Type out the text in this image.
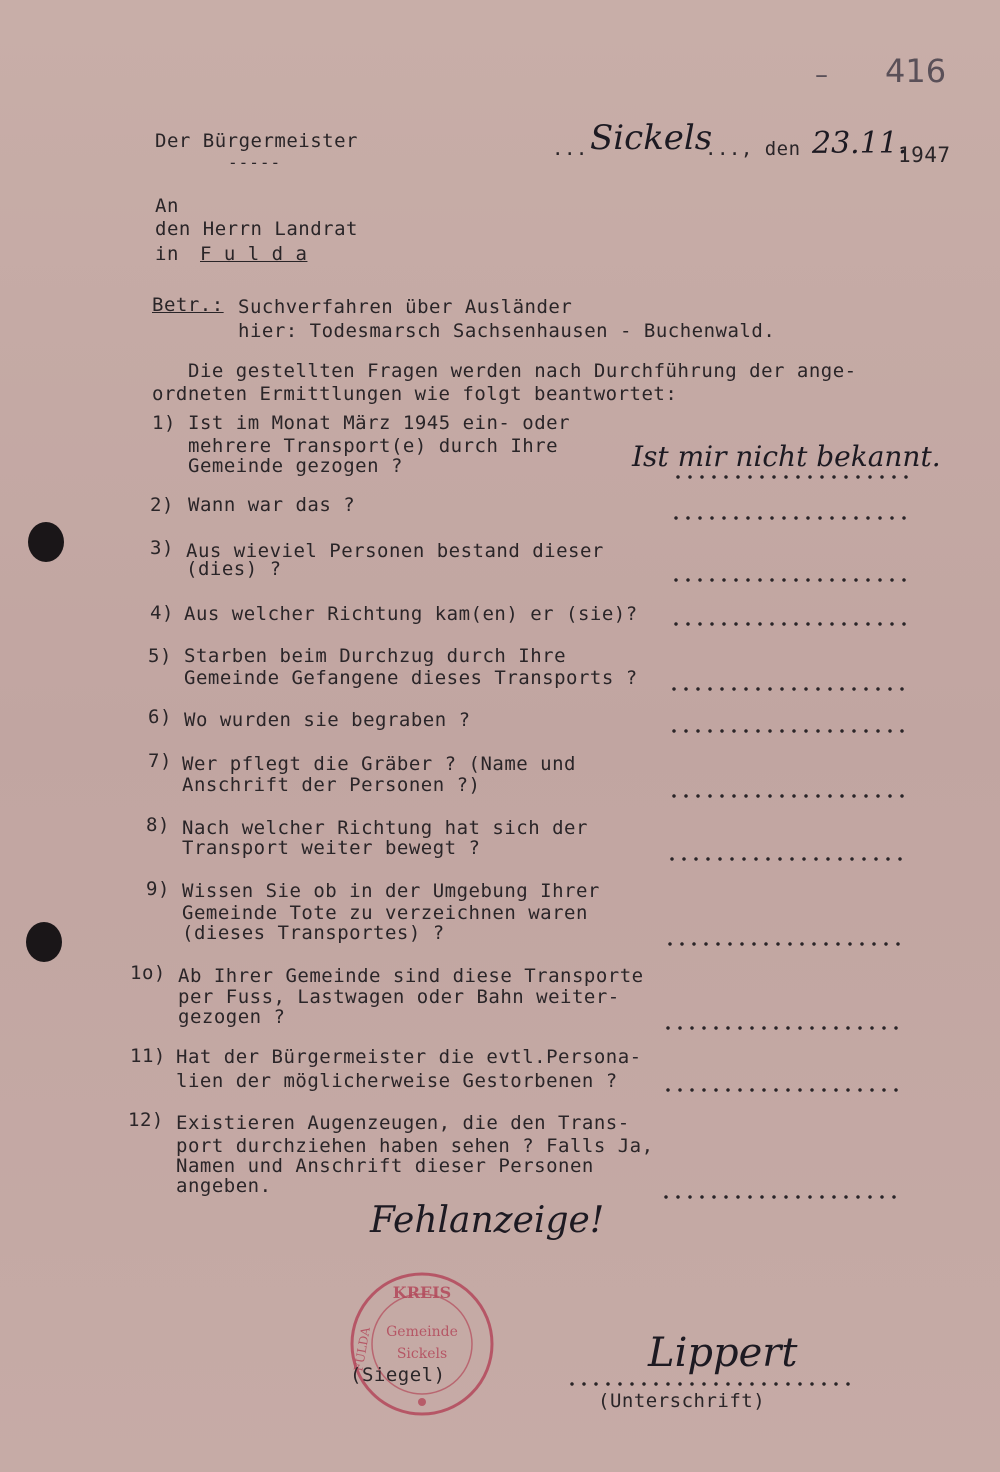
– 416
Der Bürgermeister
-----
... Sickels
..., den 23.11.
1947
An
den Herrn Landrat
in F u l d a
Betr.: Suchverfahren über Ausländer
hier: Todesmarsch Sachsenhausen - Buchenwald.
Die gestellten Fragen werden nach Durchführung der ange-
ordneten Ermittlungen wie folgt beantwortet:
1) Ist im Monat März 1945 ein- oder
mehrere Transport(e) durch Ihre
Gemeinde gezogen ?	Ist mir nicht bekannt.
2) Wann war das ?
3) Aus wieviel Personen bestand dieser
(dies) ?
4) Aus welcher Richtung kam(en) er (sie)?
5) Starben beim Durchzug durch Ihre
Gemeinde Gefangene dieses Transports ?
6) Wo wurden sie begraben ?
7) Wer pflegt die Gräber ? (Name und
Anschrift der Personen ?)
8) Nach welcher Richtung hat sich der
Transport weiter bewegt ?
9) Wissen Sie ob in der Umgebung Ihrer
Gemeinde Tote zu verzeichnen waren
(dieses Transportes) ?
1o) Ab Ihrer Gemeinde sind diese Transporte
per Fuss, Lastwagen oder Bahn weiter-
gezogen ?
11) Hat der Bürgermeister die evtl.Persona-
lien der möglicherweise Gestorbenen ?
12) Existieren Augenzeugen, die den Trans-
port durchziehen haben sehen ? Falls Ja,
Namen und Anschrift dieser Personen
angeben.
Fehlanzeige!
KREIS
FULDA Gemeinde
Sickels
(Siegel)	Lippert
(Unterschrift)
